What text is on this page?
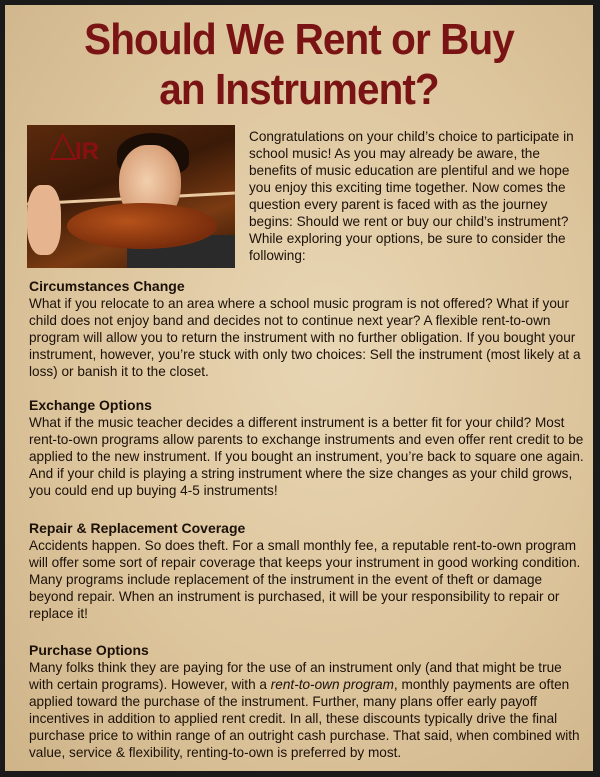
Should We Rent or Buy
an Instrument?
IR
Congratulations on your child’s choice to participate in school music! As you may already be aware, the benefits of music education are plentiful and we hope you enjoy this exciting time together. Now comes the question every parent is faced with as the journey begins: Should we rent or buy our child’s instrument? While exploring your options, be sure to consider the following:
Circumstances Change

What if you relocate to an area where a school music program is not offered? What if your child does not enjoy band and decides not to continue next year? A flexible rent-to-own program will allow you to return the instrument with no further obligation. If you bought your instrument, however, you’re stuck with only two choices: Sell the instrument (most likely at a loss) or banish it to the closet.

Exchange Options

What if the music teacher decides a different instrument is a better fit for your child? Most rent-to-own programs allow parents to exchange instruments and even offer rent credit to be applied to the new instrument. If you bought an instrument, you’re back to square one again. And if your child is playing a string instrument where the size changes as your child grows, you could end up buying 4-5 instruments!

Repair & Replacement Coverage

Accidents happen. So does theft. For a small monthly fee, a reputable rent-to-own program will offer some sort of repair coverage that keeps your instrument in good working condition. Many programs include replacement of the instrument in the event of theft or damage beyond repair. When an instrument is purchased, it will be your responsibility to repair or replace it!

Purchase Options

Many folks think they are paying for the use of an instrument only (and that might be true with certain programs). However, with a rent-to-own program, monthly payments are often applied toward the purchase of the instrument. Further, many plans offer early payoff incentives in addition to applied rent credit. In all, these discounts typically drive the final purchase price to within range of an outright cash purchase. That said, when combined with value, service & flexibility, renting-to-own is preferred by most.
